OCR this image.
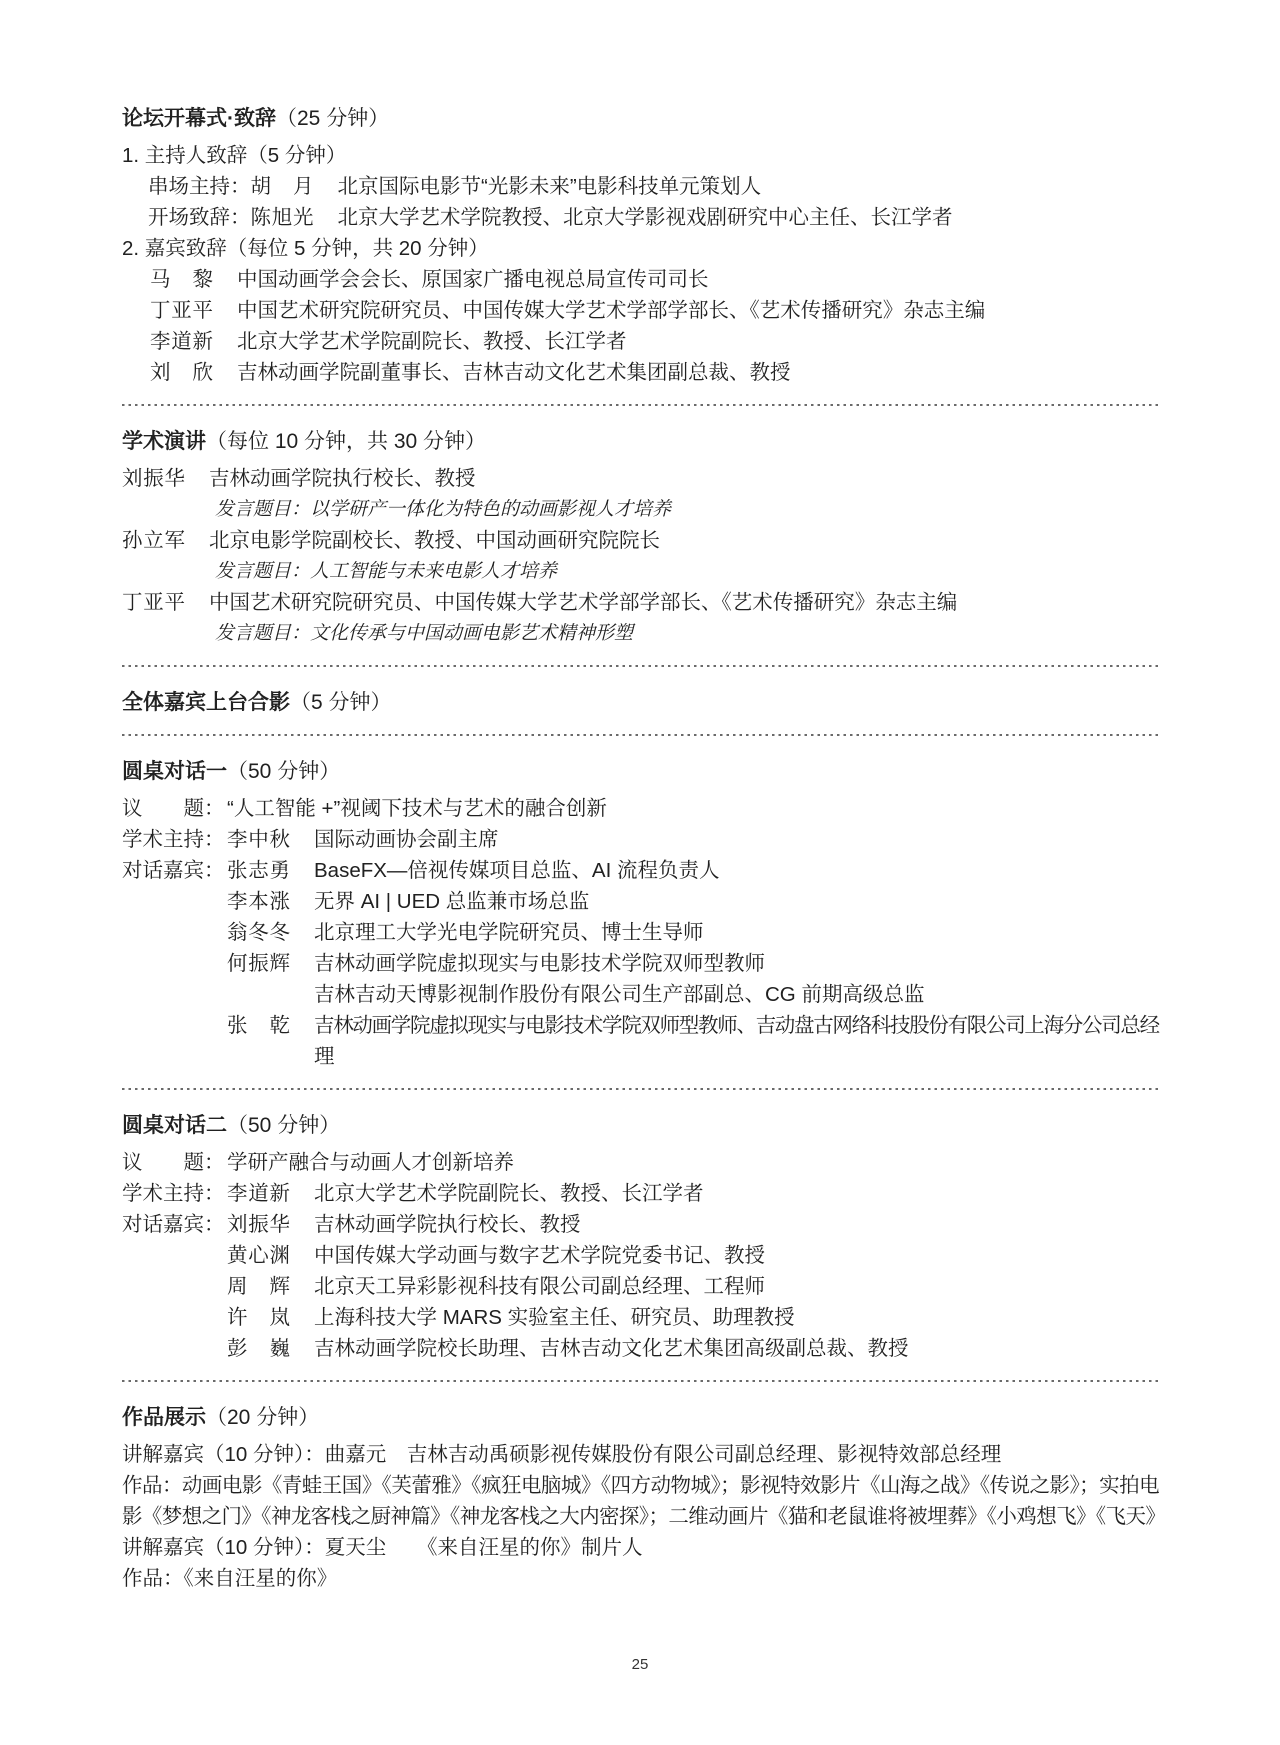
论坛开幕式·致辞（25 分钟）
1. 主持人致辞（5 分钟）
串场主持： 胡月 北京国际电影节“光影未来”电影科技单元策划人
开场致辞： 陈旭光 北京大学艺术学院教授、北京大学影视戏剧研究中心主任、长江学者
2. 嘉宾致辞（每位 5 分钟，共 20 分钟）
马黎 中国动画学会会长、原国家广播电视总局宣传司司长
丁亚平 中国艺术研究院研究员、中国传媒大学艺术学部学部长、《艺术传播研究》杂志主编
李道新 北京大学艺术学院副院长、教授、长江学者
刘欣 吉林动画学院副董事长、吉林吉动文化艺术集团副总裁、教授
学术演讲（每位 10 分钟，共 30 分钟）
刘振华 吉林动画学院执行校长、教授
发言题目：以学研产一体化为特色的动画影视人才培养
孙立军 北京电影学院副校长、教授、中国动画研究院院长
发言题目：人工智能与未来电影人才培养
丁亚平 中国艺术研究院研究员、中国传媒大学艺术学部学部长、《艺术传播研究》杂志主编
发言题目：文化传承与中国动画电影艺术精神形塑
全体嘉宾上台合影（5 分钟）
圆桌对话一（50 分钟）
议　　题： “人工智能 +”视阈下技术与艺术的融合创新
学术主持： 李中秋 国际动画协会副主席
对话嘉宾： 张志勇 BaseFX—倍视传媒项目总监、AI 流程负责人
李本涨 无界 AI | UED 总监兼市场总监
翁冬冬 北京理工大学光电学院研究员、博士生导师
何振辉 吉林动画学院虚拟现实与电影技术学院双师型教师
吉林吉动天博影视制作股份有限公司生产部副总、CG 前期高级总监
张乾 吉林动画学院虚拟现实与电影技术学院双师型教师、吉动盘古网络科技股份有限公司上海分公司总经理
圆桌对话二（50 分钟）
议　　题： 学研产融合与动画人才创新培养
学术主持： 李道新 北京大学艺术学院副院长、教授、长江学者
对话嘉宾： 刘振华 吉林动画学院执行校长、教授
黄心渊 中国传媒大学动画与数字艺术学院党委书记、教授
周辉 北京天工异彩影视科技有限公司副总经理、工程师
许岚 上海科技大学 MARS 实验室主任、研究员、助理教授
彭巍 吉林动画学院校长助理、吉林吉动文化艺术集团高级副总裁、教授
作品展示（20 分钟）
讲解嘉宾（10 分钟）：曲嘉元　吉林吉动禹硕影视传媒股份有限公司副总经理、影视特效部总经理
作品：动画电影《青蛙王国》《芙蕾雅》《疯狂电脑城》《四方动物城》；影视特效影片《山海之战》《传说之影》；实拍电影《梦想之门》《神龙客栈之厨神篇》《神龙客栈之大内密探》；二维动画片《猫和老鼠谁将被埋葬》《小鸡想飞》《飞天》
讲解嘉宾（10 分钟）：夏天尘　　《来自汪星的你》制片人
作品：《来自汪星的你》
25
